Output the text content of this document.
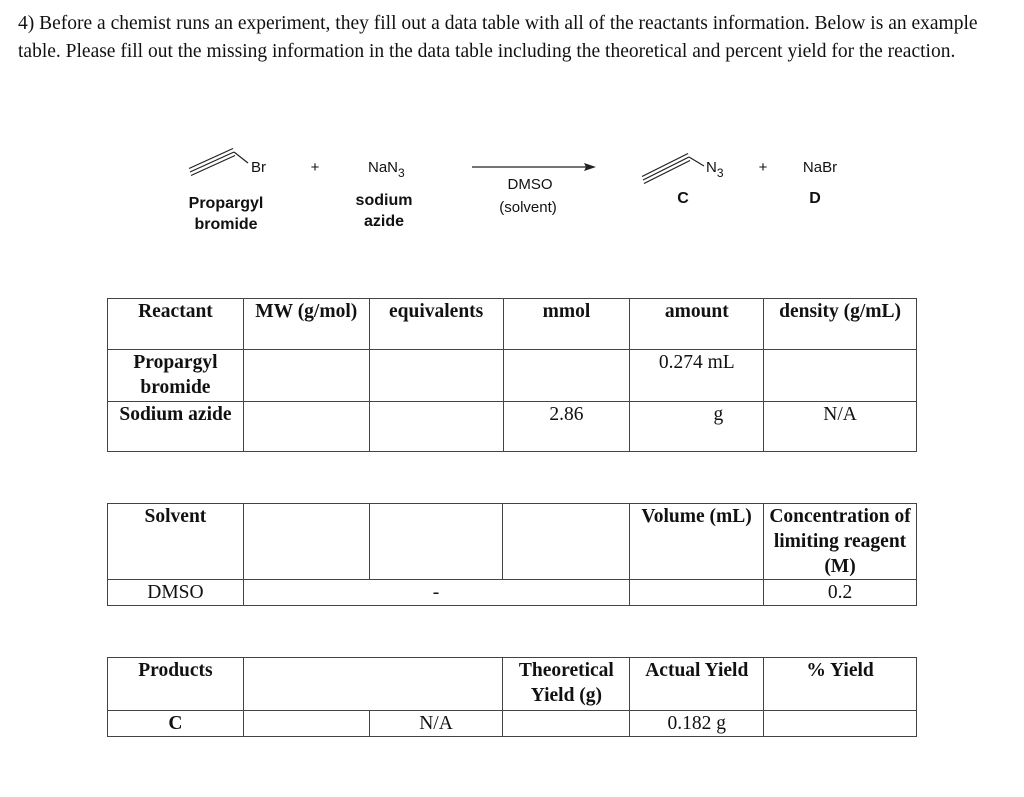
4) Before a chemist runs an experiment, they fill out a data table with all of the reactants information. Below is an example table. Please fill out the missing information in the data table including the theoretical and percent yield for the reaction.
Br
Propargyl
bromide
+	NaN$_3$
sodium
azide
DMSO
(solvent)
$N_3$
C
+ NaBr
D
Reactant	MW (g/mol)	equivalents	mmol	amount	density (g/mL)
Propargyl bromide				0.274 mL	
Sodium azide			2.86	g	N/A
Solvent				Volume (mL)	Concentration of limiting reagent (M)
DMSO		-			0.2
Products			Theoretical Yield (g)	Actual Yield	% Yield
C		N/A		0.182 g	
